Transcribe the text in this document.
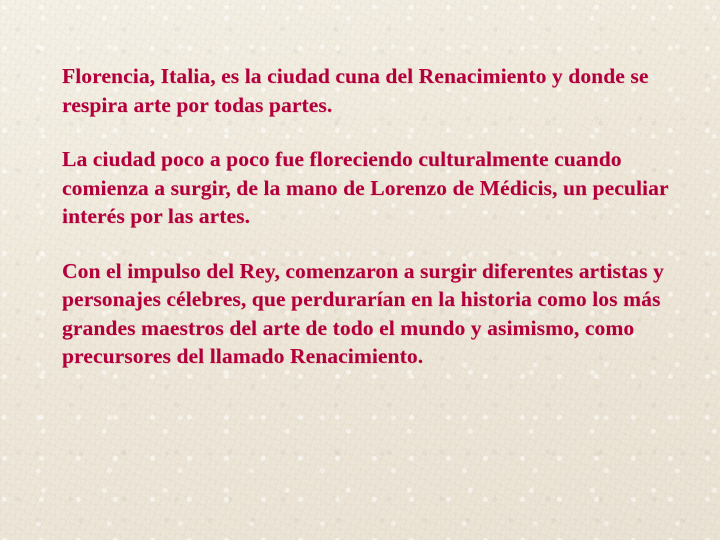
Florencia, Italia, es la ciudad cuna del Renacimiento y donde se respira arte por todas partes.

La ciudad poco a poco fue floreciendo culturalmente cuando comienza a surgir, de la mano de Lorenzo de Médicis, un peculiar interés por las artes.

Con el impulso del Rey, comenzaron a surgir diferentes artistas y personajes célebres, que perdurarían en la historia como los más grandes maestros del arte de todo el mundo y asimismo, como precursores del llamado Renacimiento.
